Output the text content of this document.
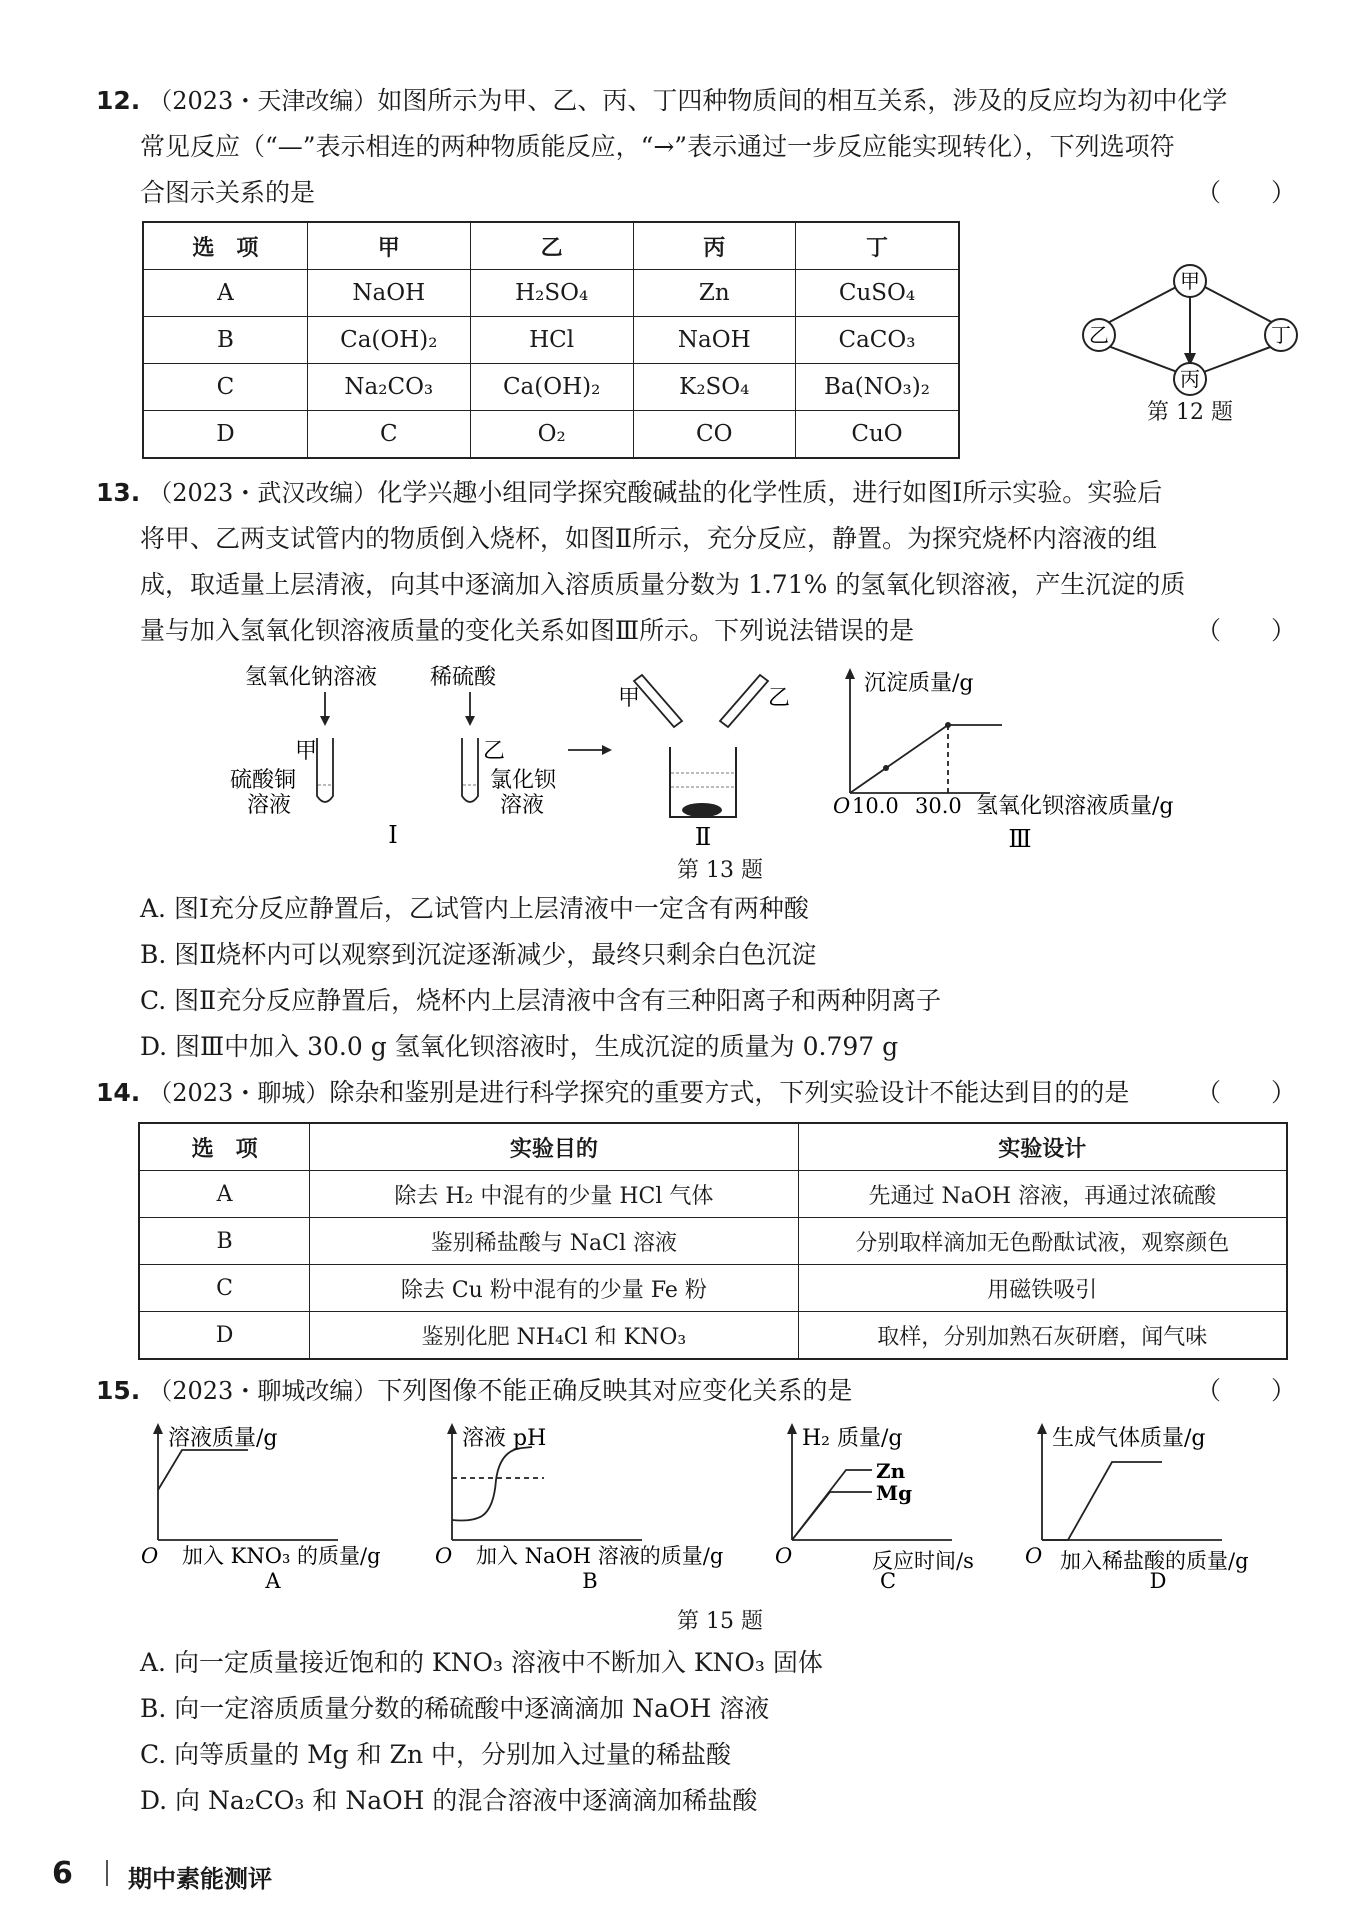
12. （2023・天津改编）如图所示为甲、乙、丙、丁四种物质间的相互关系，涉及的反应均为初中化学
常见反应（“—”表示相连的两种物质能反应，“→”表示通过一步反应能实现转化），下列选项符
合图示关系的是	（　　）
选　项	甲	乙	丙	丁
A	NaOH	H₂SO₄	Zn	CuSO₄
B	Ca(OH)₂	HCl	NaOH	CaCO₃
C	Na₂CO₃	Ca(OH)₂	K₂SO₄	Ba(NO₃)₂
D	C	O₂	CO	CuO
甲
乙	丁
丙
第 12 题
13. （2023・武汉改编）化学兴趣小组同学探究酸碱盐的化学性质，进行如图Ⅰ所示实验。实验后
将甲、乙两支试管内的物质倒入烧杯，如图Ⅱ所示，充分反应，静置。为探究烧杯内溶液的组
成，取适量上层清液，向其中逐滴加入溶质质量分数为 1.71% 的氢氧化钡溶液，产生沉淀的质
量与加入氢氧化钡溶液质量的变化关系如图Ⅲ所示。下列说法错误的是	（　　）
氢氧化钠溶液 稀硫酸
甲	乙
硫酸铜
溶液
氯化钡
溶液
Ⅰ
甲	乙
Ⅱ
沉淀质量/g
O 10.0 30.0 氢氧化钡溶液质量/g
Ⅲ
第 13 题
A. 图Ⅰ充分反应静置后，乙试管内上层清液中一定含有两种酸
B. 图Ⅱ烧杯内可以观察到沉淀逐渐减少，最终只剩余白色沉淀
C. 图Ⅱ充分反应静置后，烧杯内上层清液中含有三种阳离子和两种阴离子
D. 图Ⅲ中加入 30.0 g 氢氧化钡溶液时，生成沉淀的质量为 0.797 g
14. （2023・聊城）除杂和鉴别是进行科学探究的重要方式，下列实验设计不能达到目的的是	（　　）
选　项	实验目的	实验设计
A	除去 H₂ 中混有的少量 HCl 气体	先通过 NaOH 溶液，再通过浓硫酸
B	鉴别稀盐酸与 NaCl 溶液	分别取样滴加无色酚酞试液，观察颜色
C	除去 Cu 粉中混有的少量 Fe 粉	用磁铁吸引
D	鉴别化肥 NH₄Cl 和 KNO₃	取样，分别加熟石灰研磨，闻气味
15. （2023・聊城改编）下列图像不能正确反映其对应变化关系的是	（　　）
溶液质量/g
O 加入 KNO₃ 的质量/g
A
溶液 pH
O 加入 NaOH 溶液的质量/g
B
H₂ 质量/g
Zn
Mg
O	反应时间/s
C
生成气体质量/g
O 加入稀盐酸的质量/g
D
第 15 题
A. 向一定质量接近饱和的 KNO₃ 溶液中不断加入 KNO₃ 固体
B. 向一定溶质质量分数的稀硫酸中逐滴滴加 NaOH 溶液
C. 向等质量的 Mg 和 Zn 中，分别加入过量的稀盐酸
D. 向 Na₂CO₃ 和 NaOH 的混合溶液中逐滴滴加稀盐酸
6 期中素能测评
